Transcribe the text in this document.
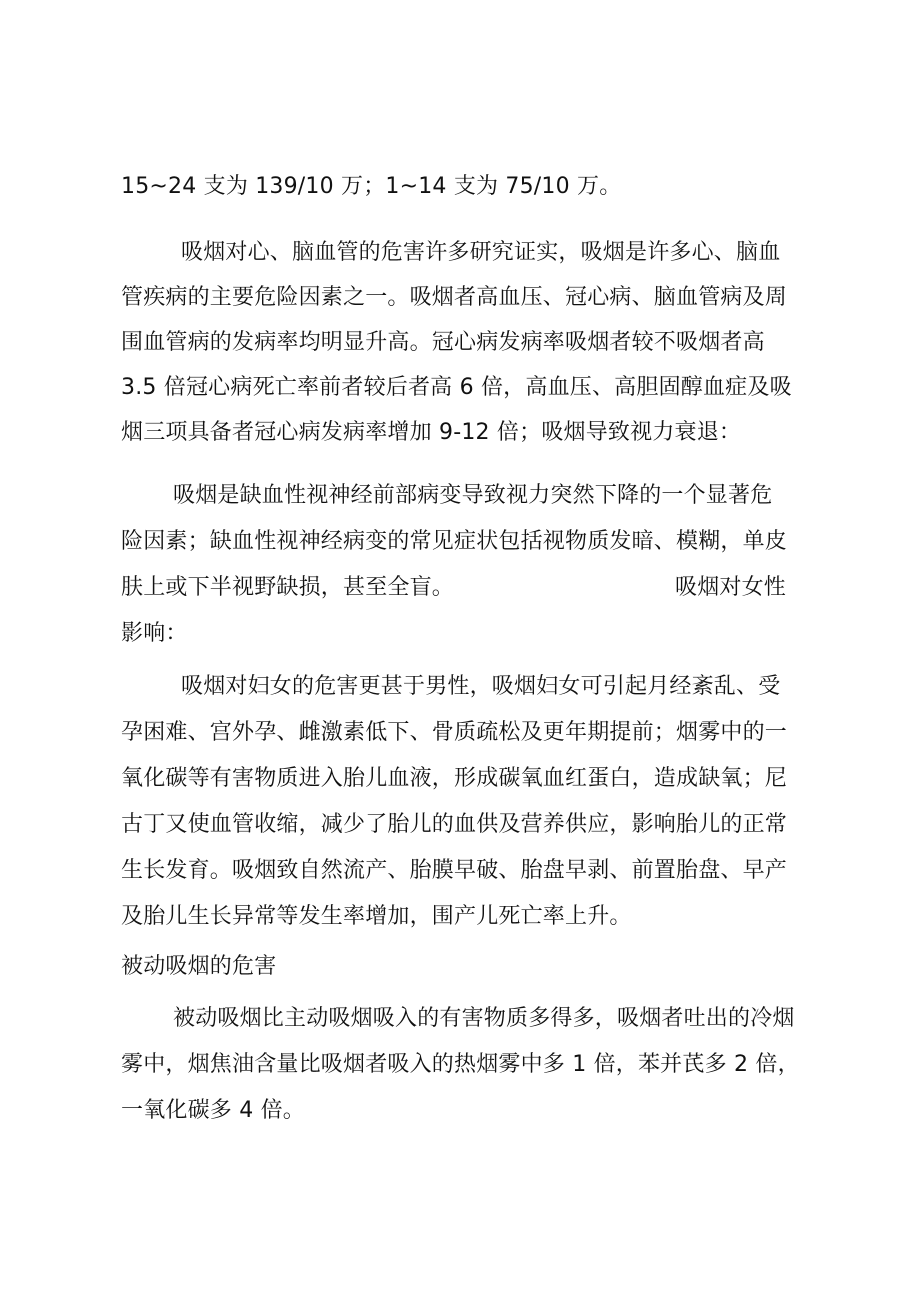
15~24 支为 139/10 万；1~14 支为 75/10 万。
吸烟对心、脑血管的危害许多研究证实，吸烟是许多心、脑血
管疾病的主要危险因素之一。吸烟者高血压、冠心病、脑血管病及周
围血管病的发病率均明显升高。冠心病发病率吸烟者较不吸烟者高
3.5 倍冠心病死亡率前者较后者高 6 倍，高血压、高胆固醇血症及吸
烟三项具备者冠心病发病率增加 9-12 倍；吸烟导致视力衰退：
吸烟是缺血性视神经前部病变导致视力突然下降的一个显著危
险因素；缺血性视神经病变的常见症状包括视物质发暗、模糊，单皮
肤上或下半视野缺损，甚至全盲。	吸烟对女性
影响：
吸烟对妇女的危害更甚于男性，吸烟妇女可引起月经紊乱、受
孕困难、宫外孕、雌激素低下、骨质疏松及更年期提前；烟雾中的一
氧化碳等有害物质进入胎儿血液，形成碳氧血红蛋白，造成缺氧；尼
古丁又使血管收缩，减少了胎儿的血供及营养供应，影响胎儿的正常
生长发育。吸烟致自然流产、胎膜早破、胎盘早剥、前置胎盘、早产
及胎儿生长异常等发生率增加，围产儿死亡率上升。
被动吸烟的危害
被动吸烟比主动吸烟吸入的有害物质多得多，吸烟者吐出的冷烟
雾中，烟焦油含量比吸烟者吸入的热烟雾中多 1 倍，苯并芪多 2 倍，
一氧化碳多 4 倍。
